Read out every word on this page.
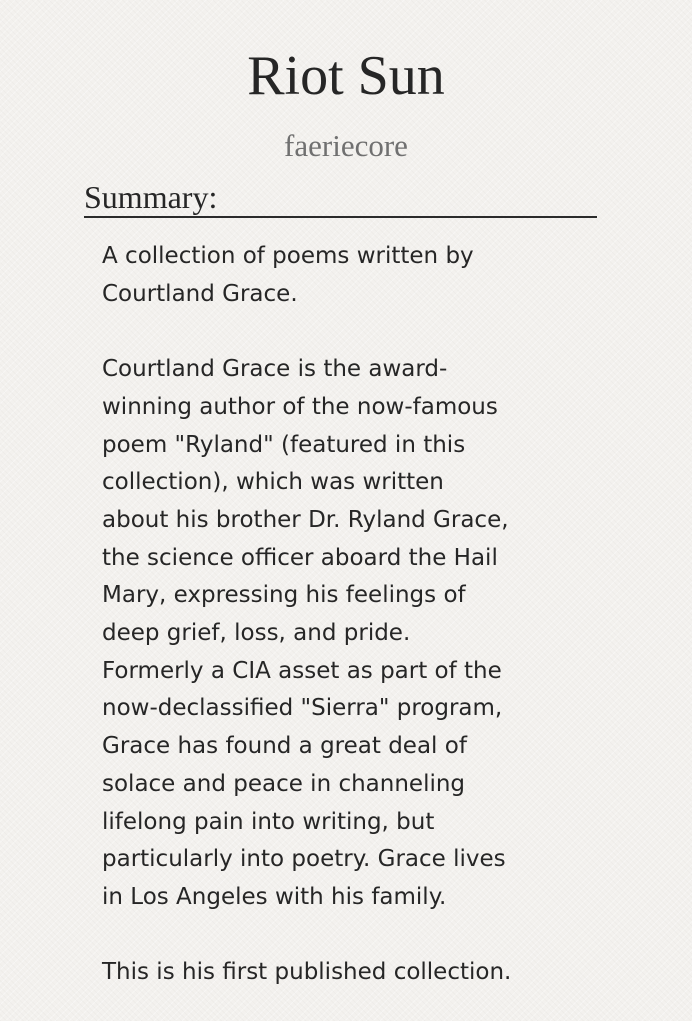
Riot Sun
faeriecore
Summary:

A collection of poems written by
Courtland Grace.

Courtland Grace is the award-
winning author of the now-famous
poem "Ryland" (featured in this
collection), which was written
about his brother Dr. Ryland Grace,
the science officer aboard the Hail
Mary, expressing his feelings of
deep grief, loss, and pride.
Formerly a CIA asset as part of the
now-declassified "Sierra" program,
Grace has found a great deal of
solace and peace in channeling
lifelong pain into writing, but
particularly into poetry. Grace lives
in Los Angeles with his family.

This is his first published collection.
